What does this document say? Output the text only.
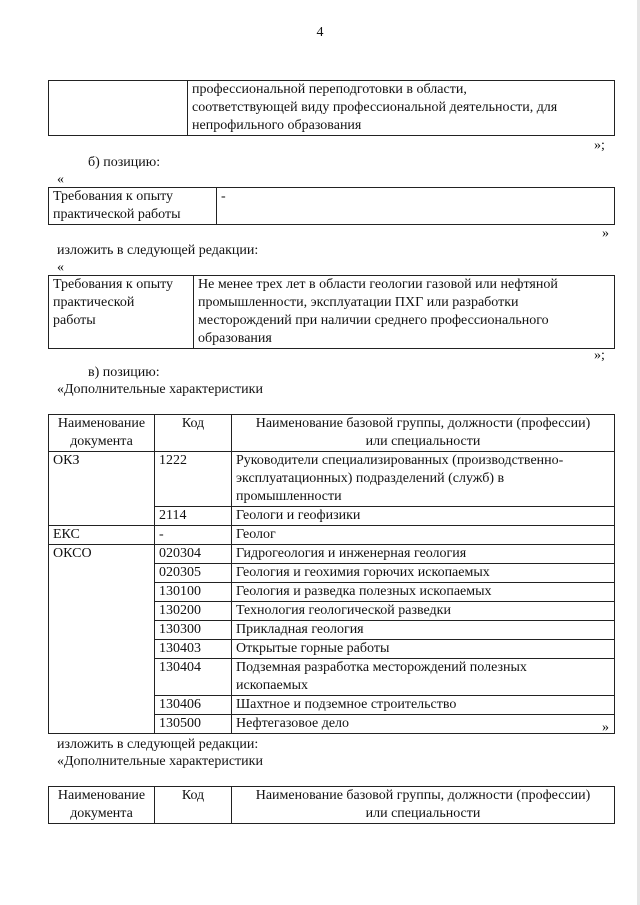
4
	профессиональной переподготовки в области,
соответствующей виду профессиональной деятельности, для
непрофильного образования
»;
б) позицию:
«
Требования к опыту
практической работы	-
»
изложить в следующей редакции:
«
Требования к опыту
практической
работы	Не менее трех лет в области геологии газовой или нефтяной
промышленности, эксплуатации ПХГ или разработки
месторождений при наличии среднего профессионального
образования
»;
в) позицию:
«Дополнительные характеристики
Наименование
документа	Код	Наименование базовой группы, должности (профессии)
или специальности
ОКЗ	1222	Руководители специализированных (производственно-
эксплуатационных) подразделений (служб) в
промышленности
	2114	Геологи и геофизики
ЕКС	-	Геолог
ОКСО	020304	Гидрогеология и инженерная геология
	020305	Геология и геохимия горючих ископаемых
	130100	Геология и разведка полезных ископаемых
	130200	Технология геологической разведки
	130300	Прикладная геология
	130403	Открытые горные работы
	130404	Подземная разработка месторождений полезных
ископаемых
	130406	Шахтное и подземное строительство
	130500	Нефтегазовое дело	»
изложить в следующей редакции:
«Дополнительные характеристики
Наименование
документа	Код	Наименование базовой группы, должности (профессии)
или специальности
